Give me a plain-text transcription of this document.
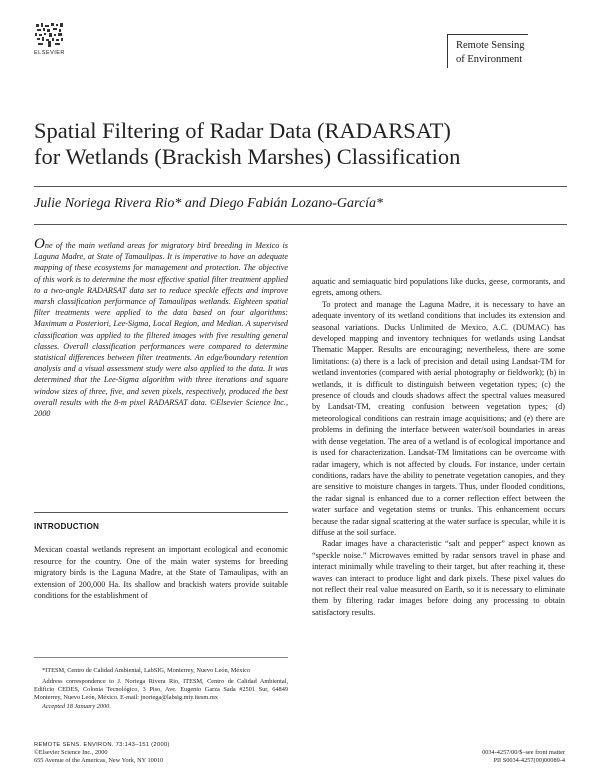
ELSEVIER
Remote Sensing
of Environment
Spatial Filtering of Radar Data (RADARSAT)
for Wetlands (Brackish Marshes) Classification
Julie Noriega Rivera Rio* and Diego Fabián Lozano-García*
One of the main wetland areas for migratory bird breeding in Mexico is Laguna Madre, at State of Tamaulipas. It is imperative to have an adequate mapping of these ecosystems for management and protection. The objective of this work is to determine the most effective spatial filter treatment applied to a two-angle RADARSAT data set to reduce speckle effects and improve marsh classification performance of Tamaulipas wetlands. Eighteen spatial filter treatments were applied to the data based on four algorithms: Maximum a Posteriori, Lee-Sigma, Local Region, and Median. A supervised classification was applied to the filtered images with five resulting general classes. Overall classification performances were compared to determine statistical differences between filter treatments. An edge/boundary retention analysis and a visual assessment study were also applied to the data. It was determined that the Lee-Sigma algorithm with three iterations and square window sizes of three, five, and seven pixels, respectively, produced the best overall results with the 8-m pixel RADARSAT data. ©Elsevier Science Inc., 2000
INTRODUCTION

Mexican coastal wetlands represent an important ecological and economic resource for the country. One of the main water systems for breeding migratory birds is the Laguna Madre, at the State of Tamaulipas, with an extension of 200,000 Ha. Its shallow and brackish waters provide suitable conditions for the establishment of

*ITESM, Centro de Calidad Ambiental, LabSIG, Monterrey, Nuevo León, México

Address correspondence to J. Noriega Rivera Rio, ITESM, Centro de Calidad Ambiental, Edificio CEDES, Colonia Tecnológico, 3 Piso, Ave. Eugenio Garza Sada #2501 Sur, 64849 Monterrey, Nuevo León, México. E-mail: jnoriega@labsig.mty.itesm.mx

Accepted 18 January 2000.

aquatic and semiaquatic bird populations like ducks, geese, cormorants, and egrets, among others.

To protect and manage the Laguna Madre, it is necessary to have an adequate inventory of its wetland conditions that includes its extension and seasonal variations. Ducks Unlimited de Mexico, A.C. (DUMAC) has developed mapping and inventory techniques for wetlands using Landsat Thematic Mapper. Results are encouraging; nevertheless, there are some limitations: (a) there is a lack of precision and detail using Landsat-TM for wetland inventories (compared with aerial photography or fieldwork); (b) in wetlands, it is difficult to distinguish between vegetation types; (c) the presence of clouds and clouds shadows affect the spectral values measured by Landsat-TM, creating confusion between vegetation types; (d) meteorological conditions can restrain image acquisitions; and (e) there are problems in defining the interface between water/soil boundaries in areas with dense vegetation. The area of a wetland is of ecological importance and is used for characterization. Landsat-TM limitations can be overcome with radar imagery, which is not affected by clouds. For instance, under certain conditions, radars have the ability to penetrate vegetation canopies, and they are sensitive to moisture changes in targets. Thus, under flooded conditions, the radar signal is enhanced due to a corner reflection effect between the water surface and vegetation stems or trunks. This enhancement occurs because the radar signal scattering at the water surface is specular, while it is diffuse at the soil surface.

Radar images have a characteristic “salt and pepper” aspect known as “speckle noise.” Microwaves emitted by radar sensors travel in phase and interact minimally while traveling to their target, but after reaching it, these waves can interact to produce light and dark pixels. These pixel values do not reflect their real value measured on Earth, so it is necessary to eliminate them by filtering radar images before doing any processing to obtain satisfactory results.

REMOTE SENS. ENVIRON. 73:143–151 (2000)
©Elsevier Science Inc., 2000
655 Avenue of the Americas, New York, NY 10010
0034-4257/00/$–see front matter
PII S0034-4257(00)00089-4
